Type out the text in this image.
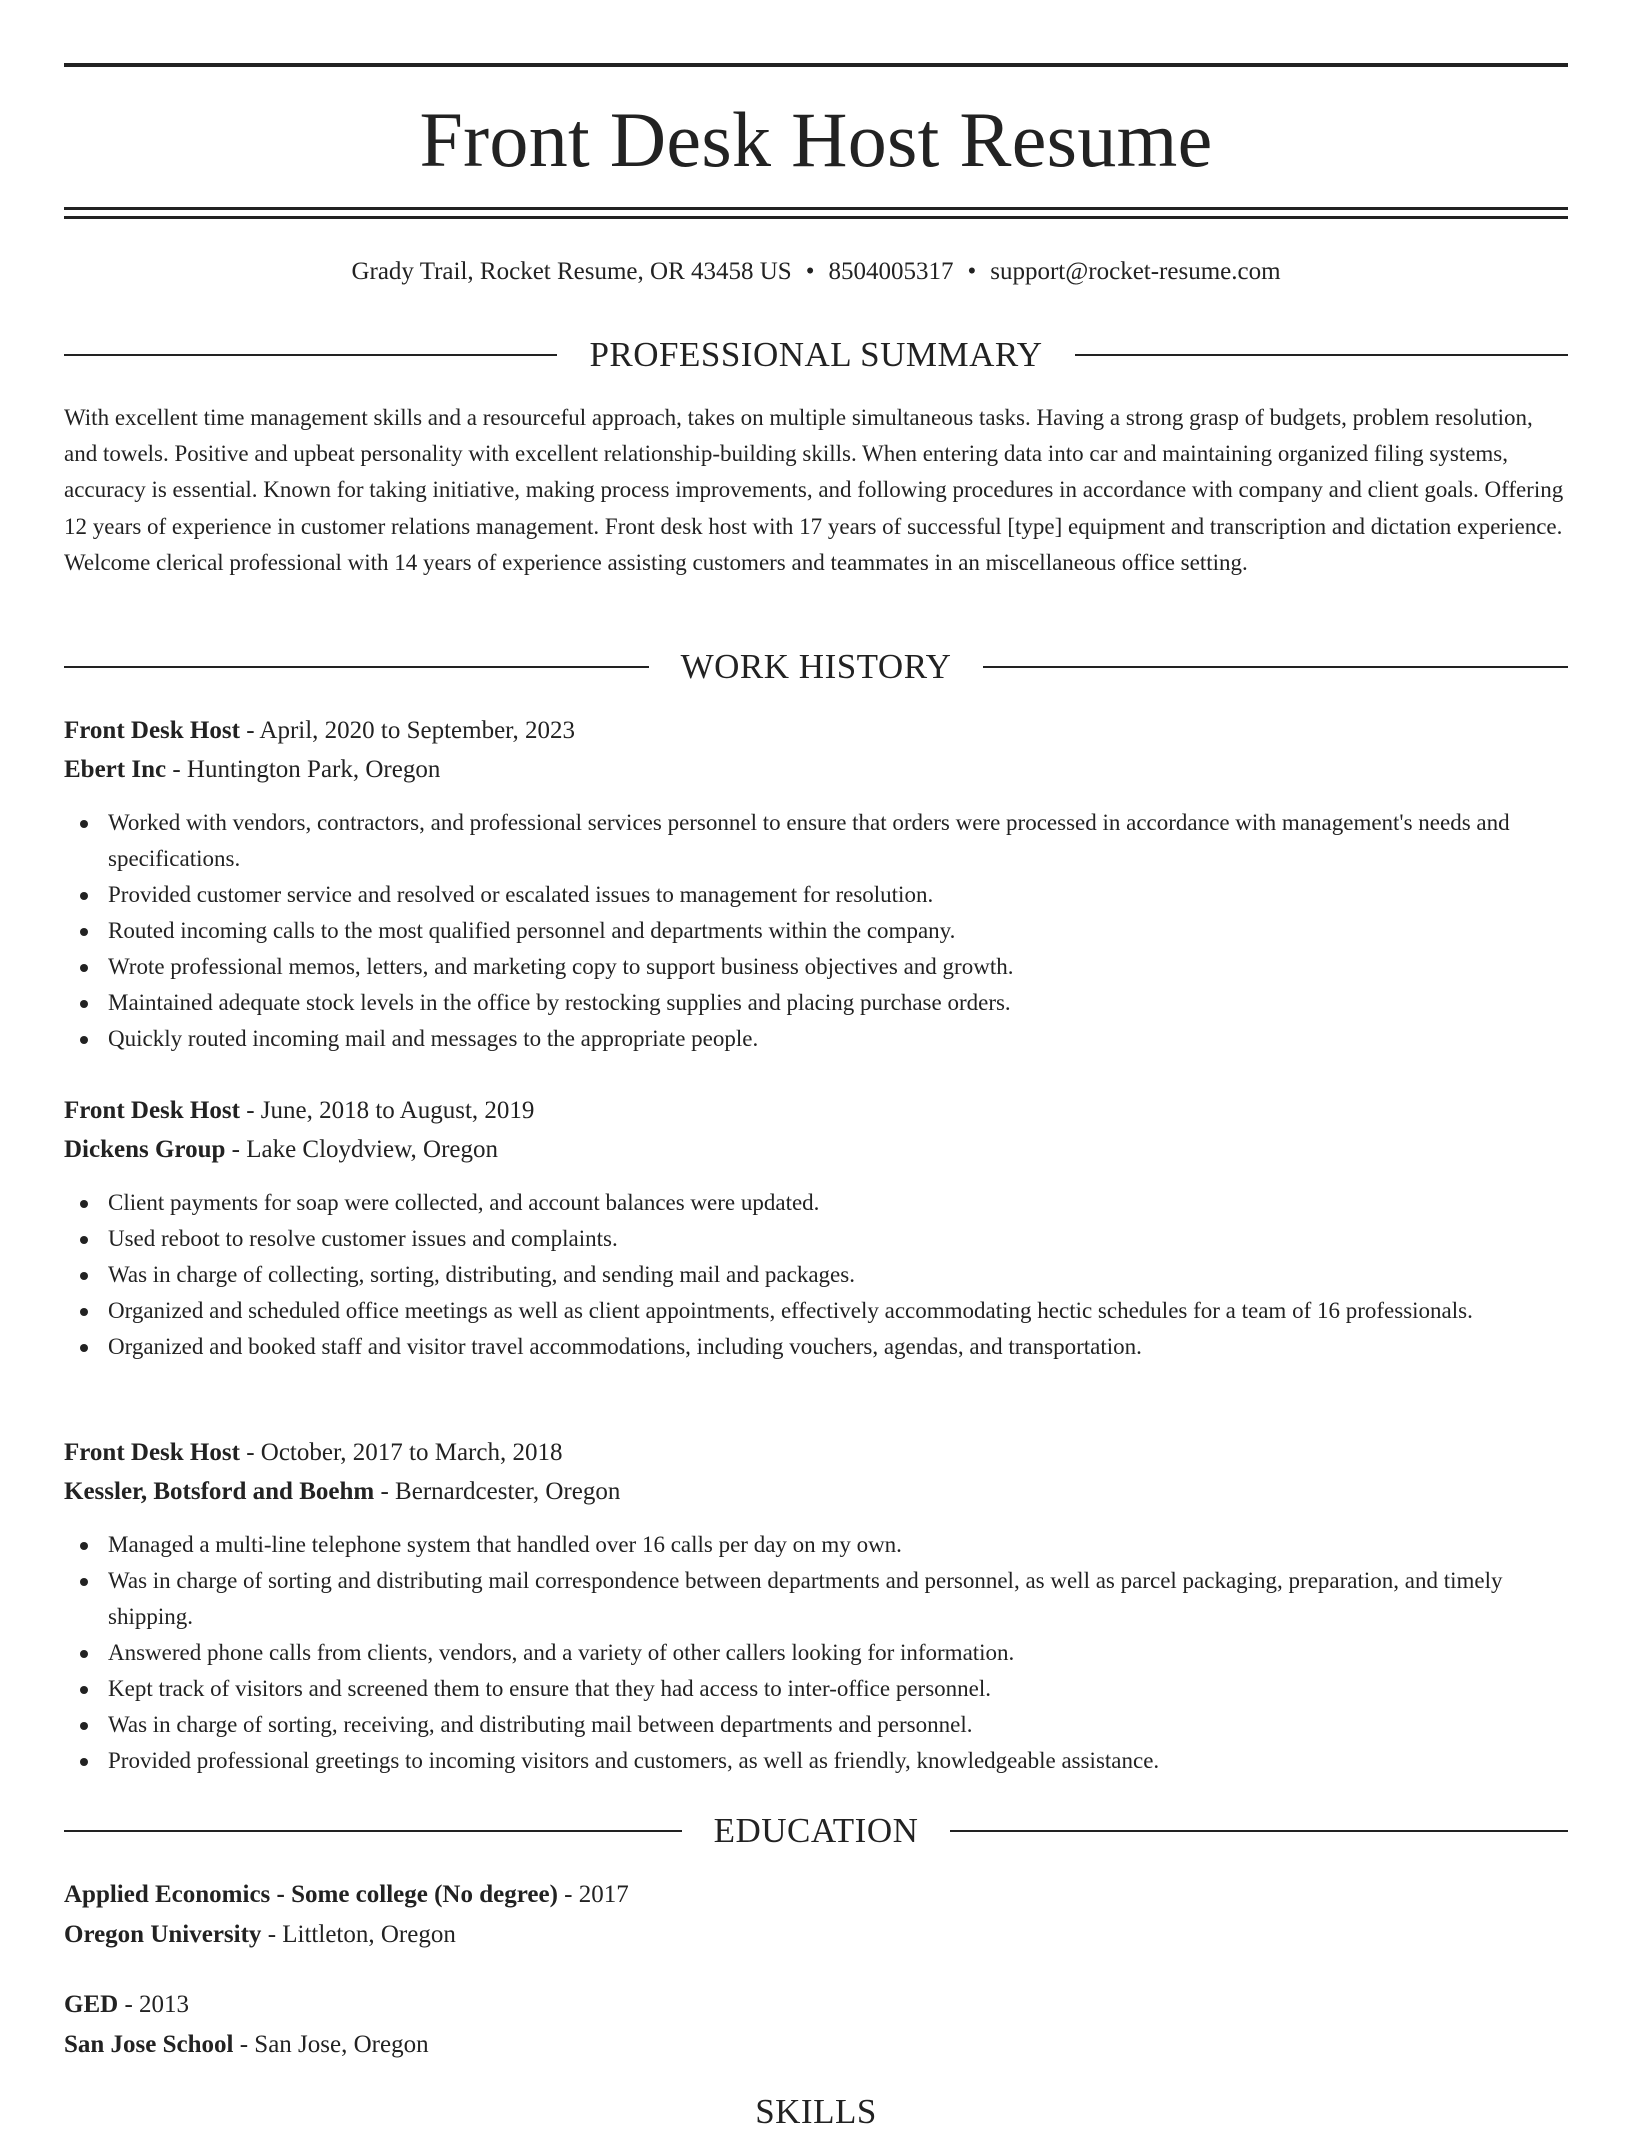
Front Desk Host Resume
Grady Trail, Rocket Resume, OR 43458 US • 8504005317 • support@rocket-resume.com
PROFESSIONAL SUMMARY

With excellent time management skills and a resourceful approach, takes on multiple simultaneous tasks. Having a strong grasp of budgets, problem resolution, and towels. Positive and upbeat personality with excellent relationship-building skills. When entering data into car and maintaining organized filing systems, accuracy is essential. Known for taking initiative, making process improvements, and following procedures in accordance with company and client goals. Offering 12 years of experience in customer relations management. Front desk host with 17 years of successful [type] equipment and transcription and dictation experience. Welcome clerical professional with 14 years of experience assisting customers and teammates in an miscellaneous office setting.

WORK HISTORY
Front Desk Host - April, 2020 to September, 2023
Ebert Inc - Huntington Park, Oregon
Worked with vendors, contractors, and professional services personnel to ensure that orders were processed in accordance with management's needs and specifications.
Provided customer service and resolved or escalated issues to management for resolution.
Routed incoming calls to the most qualified personnel and departments within the company.
Wrote professional memos, letters, and marketing copy to support business objectives and growth.
Maintained adequate stock levels in the office by restocking supplies and placing purchase orders.
Quickly routed incoming mail and messages to the appropriate people.
Front Desk Host - June, 2018 to August, 2019
Dickens Group - Lake Cloydview, Oregon
Client payments for soap were collected, and account balances were updated.
Used reboot to resolve customer issues and complaints.
Was in charge of collecting, sorting, distributing, and sending mail and packages.
Organized and scheduled office meetings as well as client appointments, effectively accommodating hectic schedules for a team of 16 professionals.
Organized and booked staff and visitor travel accommodations, including vouchers, agendas, and transportation.
Front Desk Host - October, 2017 to March, 2018
Kessler, Botsford and Boehm - Bernardcester, Oregon
Managed a multi-line telephone system that handled over 16 calls per day on my own.
Was in charge of sorting and distributing mail correspondence between departments and personnel, as well as parcel packaging, preparation, and timely shipping.
Answered phone calls from clients, vendors, and a variety of other callers looking for information.
Kept track of visitors and screened them to ensure that they had access to inter-office personnel.
Was in charge of sorting, receiving, and distributing mail between departments and personnel.
Provided professional greetings to incoming visitors and customers, as well as friendly, knowledgeable assistance.
EDUCATION
Applied Economics - Some college (No degree) - 2017
Oregon University - Littleton, Oregon
GED - 2013
San Jose School - San Jose, Oregon
SKILLS
